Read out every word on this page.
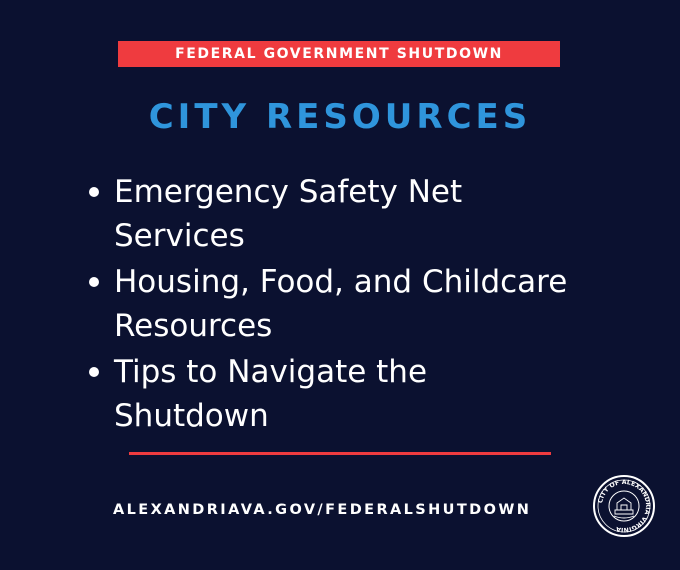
FEDERAL GOVERNMENT SHUTDOWN
CITY RESOURCES
Emergency Safety Net
Services
Housing, Food, and Childcare
Resources
Tips to Navigate the
Shutdown
ALEXANDRIAVA.GOV/FEDERALSHUTDOWN
CITY OF ALEXANDRIA VIRGINIA
